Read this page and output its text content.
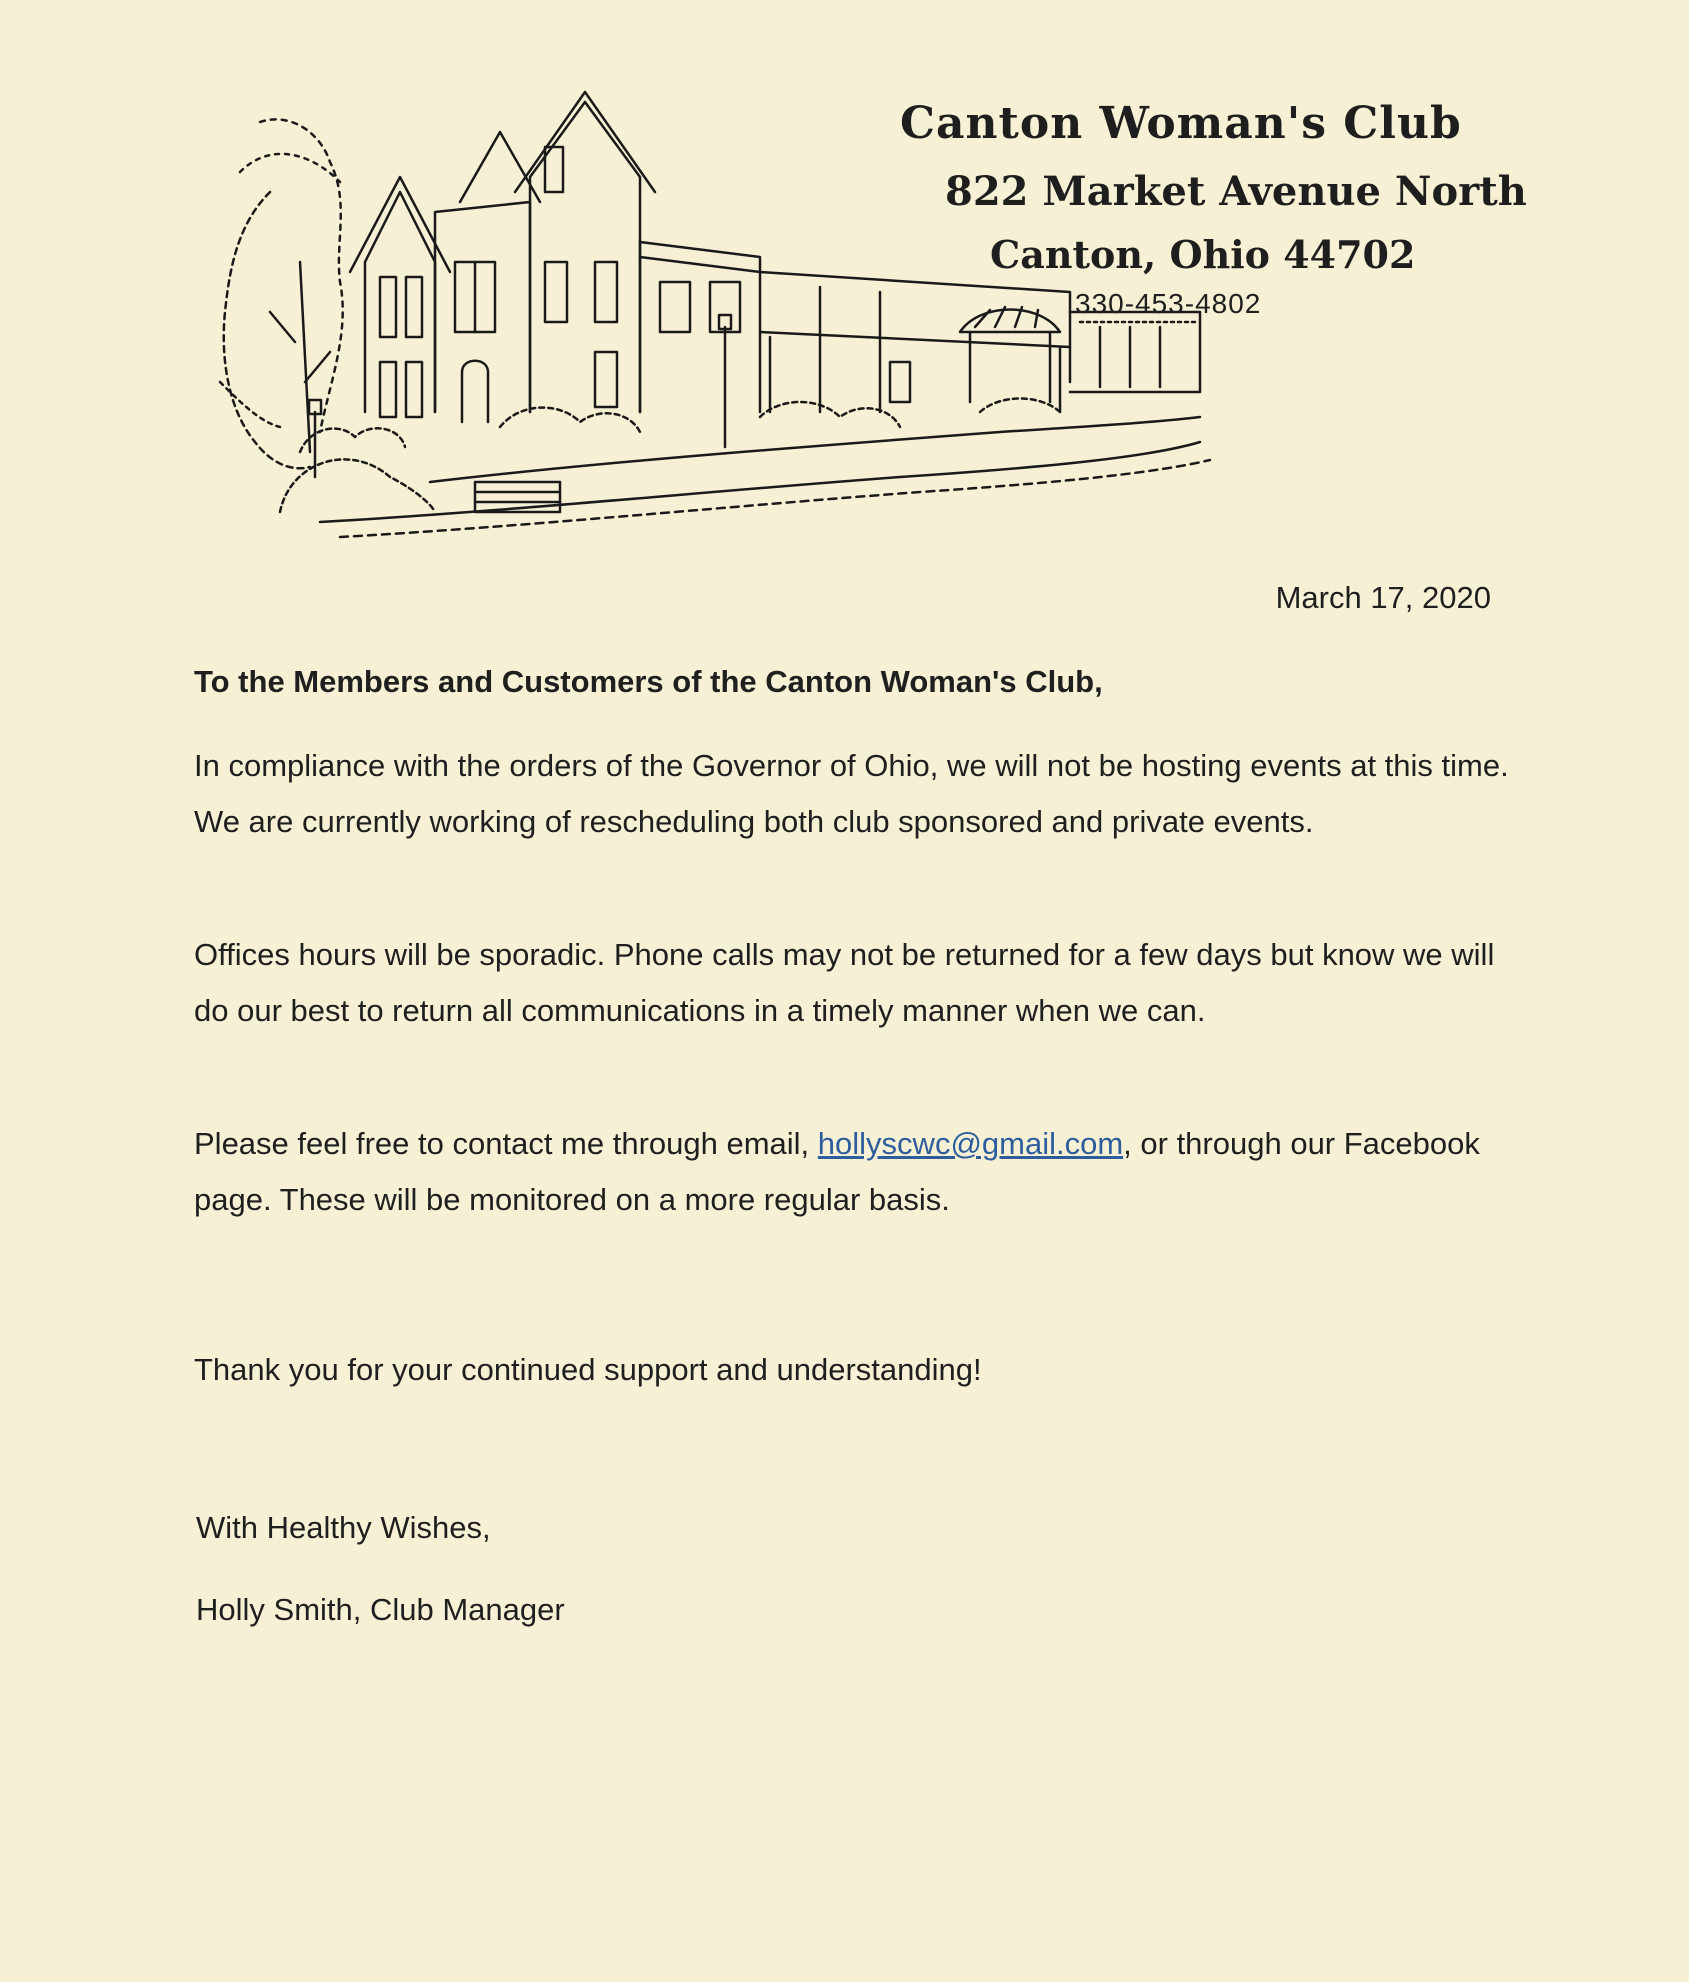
Canton Woman's Club
822 Market Avenue North
Canton, Ohio 44702
330-453-4802
March 17, 2020
To the Members and Customers of the Canton Woman's Club,
In compliance with the orders of the Governor of Ohio, we will not be hosting events at this time. We are currently working of rescheduling both club sponsored and private events.
Offices hours will be sporadic. Phone calls may not be returned for a few days but know we will do our best to return all communications in a timely manner when we can.
Please feel free to contact me through email, hollyscwc@gmail.com, or through our Facebook page. These will be monitored on a more regular basis.
Thank you for your continued support and understanding!
With Healthy Wishes,
Holly Smith, Club Manager
